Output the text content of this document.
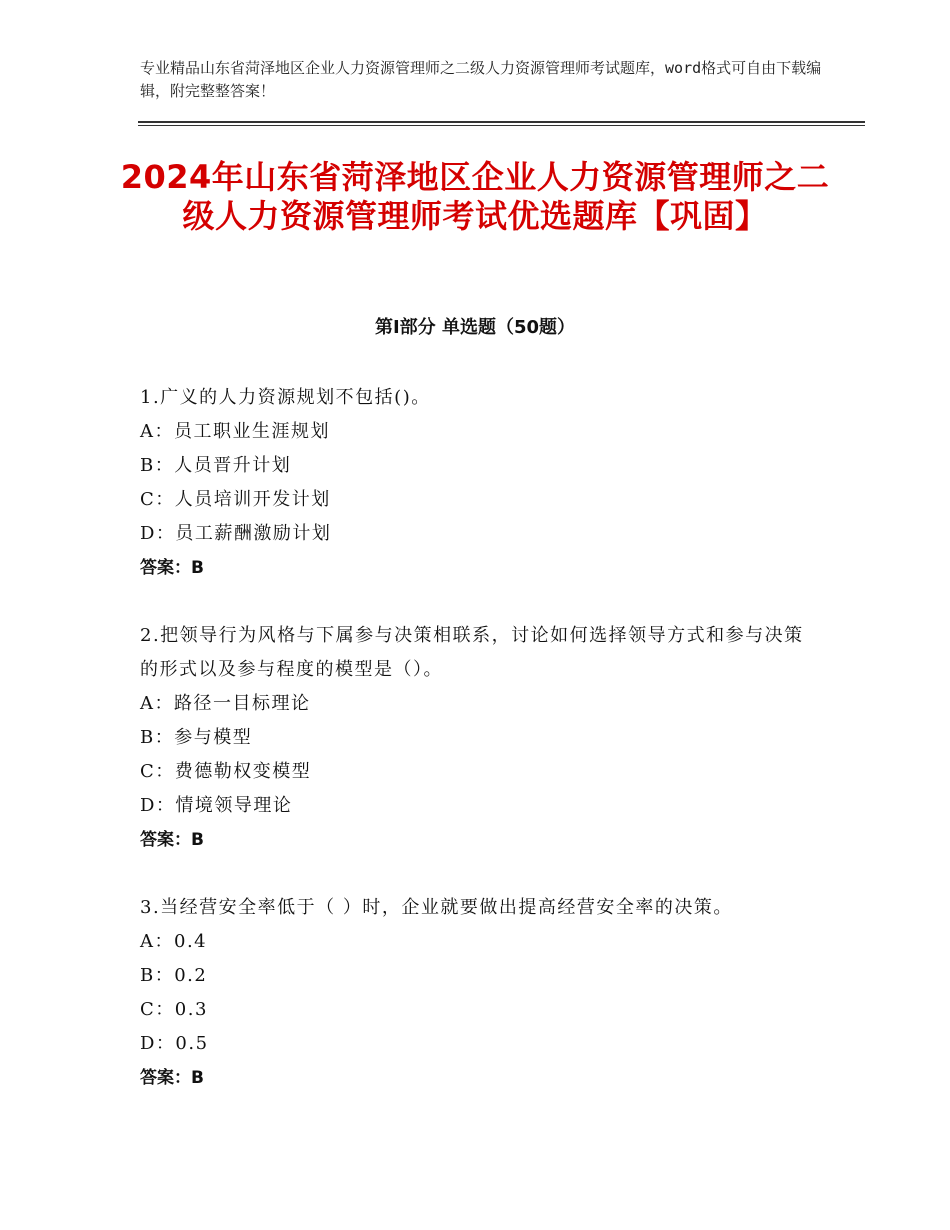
专业精品山东省菏泽地区企业人力资源管理师之二级人力资源管理师考试题库，word格式可自由下载编辑，附完整整答案！
2024年山东省菏泽地区企业人力资源管理师之二级人力资源管理师考试优选题库【巩固】
第Ⅰ部分 单选题（50题）

1.广义的人力资源规划不包括()。

A：员工职业生涯规划

B：人员晋升计划

C：人员培训开发计划

D：员工薪酬激励计划

答案：B

2.把领导行为风格与下属参与决策相联系，讨论如何选择领导方式和参与决策的形式以及参与程度的模型是（）。

A：路径一目标理论

B：参与模型

C：费德勒权变模型

D：情境领导理论

答案：B

3.当经营安全率低于（ ）时，企业就要做出提高经营安全率的决策。

A：0.4

B：0.2

C：0.3

D：0.5

答案：B
